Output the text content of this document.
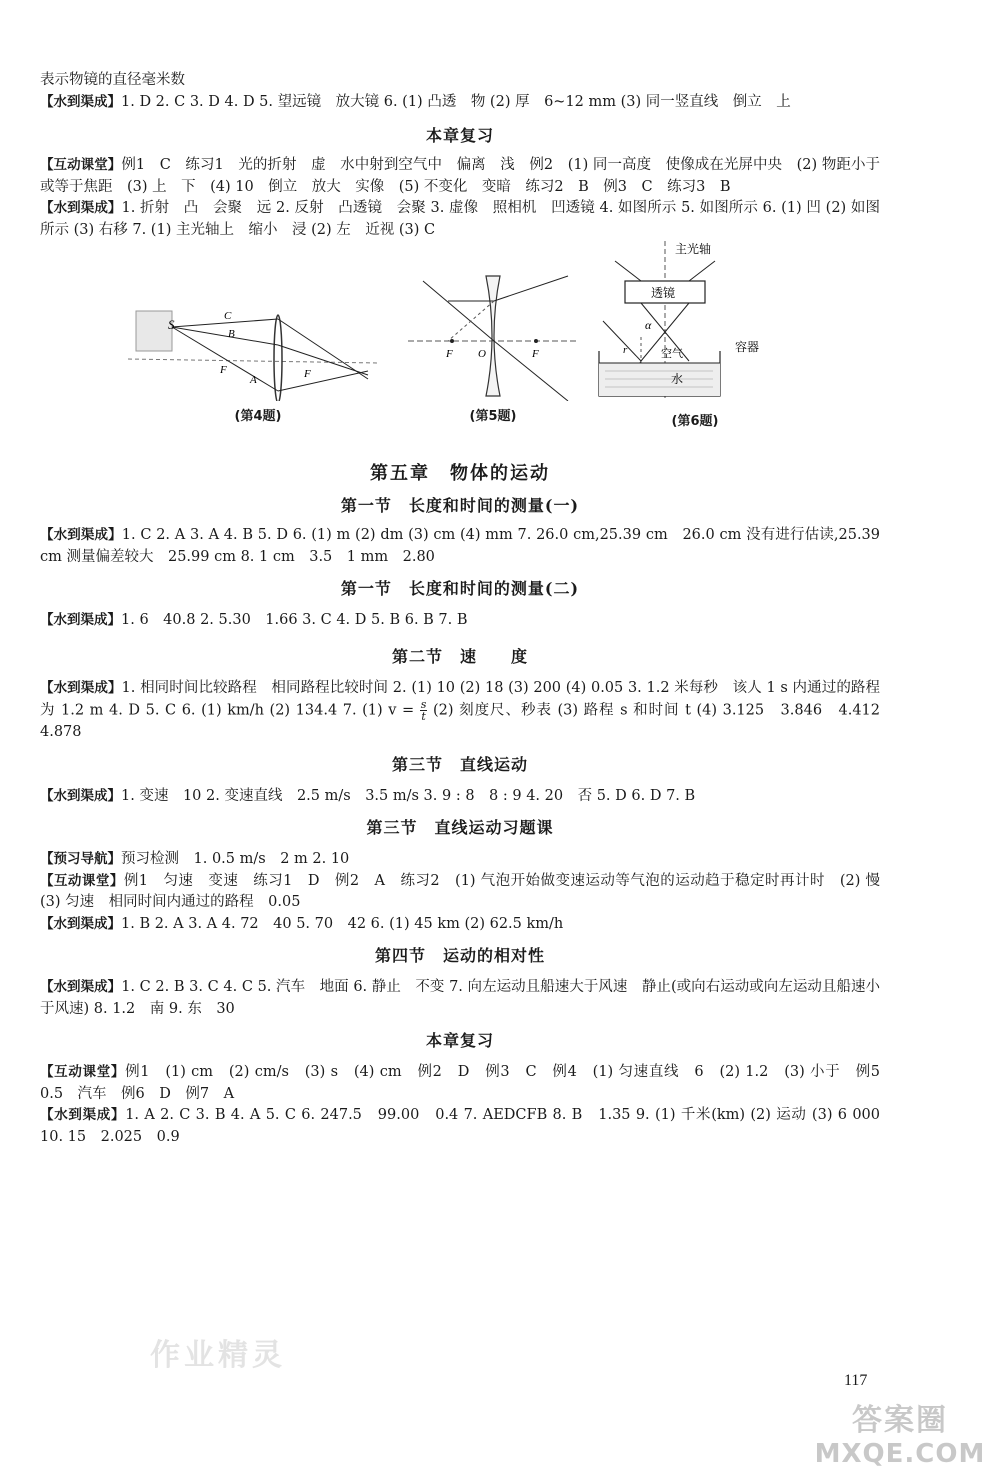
表示物镜的直径毫米数

【水到渠成】1. D 2. C 3. D 4. D 5. 望远镜　放大镜 6. (1) 凸透　物 (2) 厚　6~12 mm (3) 同一竖直线　倒立　上

本章复习

【互动课堂】例1　C　练习1　光的折射　虚　水中射到空气中　偏离　浅　例2　(1) 同一高度　使像成在光屏中央　(2) 物距小于或等于焦距　(3) 上　下　(4) 10　倒立　放大　实像　(5) 不变化　变暗　练习2　B　例3　C　练习3　B

【水到渠成】1. 折射　凸　会聚　远 2. 反射　凸透镜　会聚 3. 虚像　照相机　凹透镜 4. 如图所示 5. 如图所示 6. (1) 凹 (2) 如图所示 (3) 右移 7. (1) 主光轴上　缩小　浸 (2) 左　近视 (3) C

S
C
B
F
A	F
(第4题)
F O	F
(第5题)
主光轴
透镜
容器
空气
水
α
r
(第6题)
第五章　物体的运动
第一节　长度和时间的测量(一)

【水到渠成】1. C 2. A 3. A 4. B 5. D 6. (1) m (2) dm (3) cm (4) mm 7. 26.0 cm,25.39 cm　26.0 cm 没有进行估读,25.39 cm 测量偏差较大　25.99 cm 8. 1 cm　3.5　1 mm　2.80

第一节　长度和时间的测量(二)

【水到渠成】1. 6　40.8 2. 5.30　1.66 3. C 4. D 5. B 6. B 7. B

第二节　速　　度

【水到渠成】1. 相同时间比较路程　相同路程比较时间 2. (1) 10 (2) 18 (3) 200 (4) 0.05 3. 1.2 米每秒　该人 1 s 内通过的路程为 1.2 m 4. D 5. C 6. (1) km/h (2) 134.4 7. (1) $v = \frac{s}{t} (2)$ 刻度尺、秒表 (3) 路程 s 和时间 t (4) 3.125　3.846　4.412　4.878

第三节　直线运动

【水到渠成】1. 变速　10 2. 变速直线　2.5 m/s　3.5 m/s 3. 9 : 8　8 : 9 4. 20　否 5. D 6. D 7. B

第三节　直线运动习题课

【预习导航】预习检测　1. 0.5 m/s　2 m 2. 10

【互动课堂】例1　匀速　变速　练习1　D　例2　A　练习2　(1) 气泡开始做变速运动等气泡的运动趋于稳定时再计时　(2) 慢　(3) 匀速　相同时间内通过的路程　0.05

【水到渠成】1. B 2. A 3. A 4. 72　40 5. 70　42 6. (1) 45 km (2) 62.5 km/h

第四节　运动的相对性

【水到渠成】1. C 2. B 3. C 4. C 5. 汽车　地面 6. 静止　不变 7. 向左运动且船速大于风速　静止(或向右运动或向左运动且船速小于风速) 8. 1.2　南 9. 东　30

本章复习

【互动课堂】例1　(1) cm　(2) cm/s　(3) s　(4) cm　例2　D　例3　C　例4　(1) 匀速直线　6　(2) 1.2　(3) 小于　例5　0.5　汽车　例6　D　例7　A

【水到渠成】1. A 2. C 3. B 4. A 5. C 6. 247.5　99.00　0.4 7. AEDCFB 8. B　1.35 9. (1) 千米(km) (2) 运动 (3) 6 000 10. 15　2.025　0.9

作业精灵
117
答案圈
MXQE.COM
